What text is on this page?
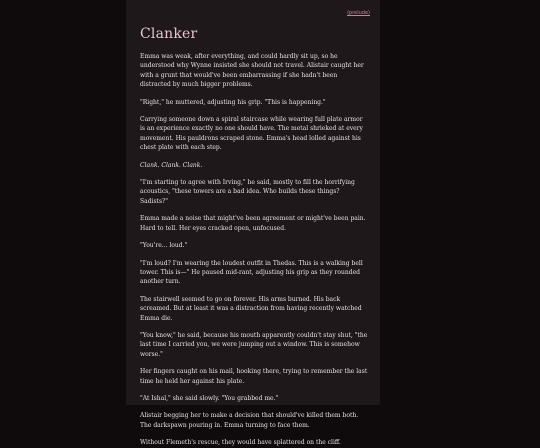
(prelude)
Clanker

Emma was weak, after everything, and could hardly sit up, so he understood why Wynne insisted she should not travel. Alistair caught her with a grunt that would've been embarrassing if she hadn't been distracted by much bigger problems.

"Right," he muttered, adjusting his grip. "This is happening."

Carrying someone down a spiral staircase while wearing full plate armor is an experience exactly no one should have. The metal shrieked at every movement. His pauldrons scraped stone. Emma's head lolled against his chest plate with each step.

Clank. Clank. Clank.

"I'm starting to agree with Irving," he said, mostly to fill the horrifying acoustics, "these towers are a bad idea. Who builds these things? Sadists?"

Emma made a noise that might've been agreement or might've been pain. Hard to tell. Her eyes cracked open, unfocused.

"You're... loud."

"I'm loud? I'm wearing the loudest outfit in Thedas. This is a walking bell tower. This is—" He paused mid-rant, adjusting his grip as they rounded another turn.

The stairwell seemed to go on forever. His arms burned. His back screamed. But at least it was a distraction from having recently watched Emma die.

"You know," he said, because his mouth apparently couldn't stay shut, "the last time I carried you, we were jumping out a window. This is somehow worse."

Her fingers caught on his mail, hooking there, trying to remember the last time he held her against his plate.

"At Ishal," she said slowly. "You grabbed me."

Alistair begging her to make a decision that should've killed them both. The darkspawn pouring in. Emma turning to face them.

Without Flemeth's rescue, they would have splattered on the cliff.
